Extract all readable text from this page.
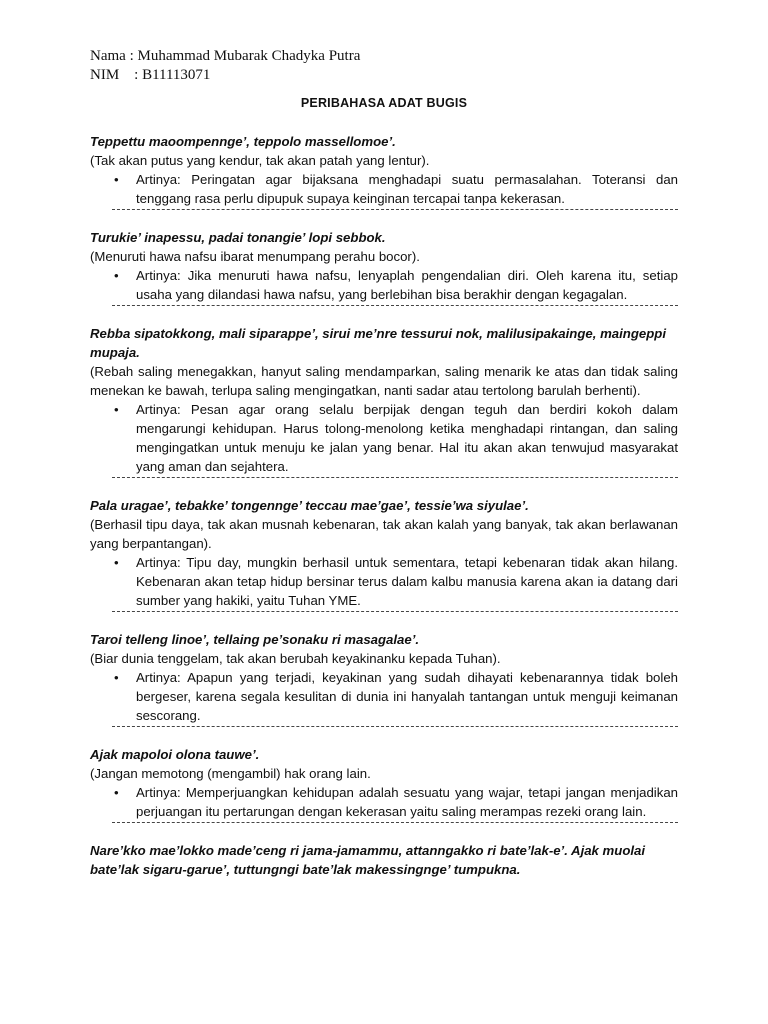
Nama : Muhammad Mubarak Chadyka Putra
NIM    : B11113071
PERIBAHASA ADAT BUGIS
Teppettu maoompennge’, teppolo massellomoe’.
(Tak akan putus yang kendur, tak akan patah yang lentur).
•	Artinya: Peringatan agar bijaksana menghadapi suatu permasalahan. Toteransi dan tenggang rasa perlu dipupuk supaya keinginan tercapai tanpa kekerasan.
Turukie’ inapessu, padai tonangie’ lopi sebbok.
(Menuruti hawa nafsu ibarat menumpang perahu bocor).
•	Artinya: Jika menuruti hawa nafsu, lenyaplah pengendalian diri. Oleh karena itu, setiap usaha yang dilandasi hawa nafsu, yang berlebihan bisa berakhir dengan kegagalan.
Rebba sipatokkong, mali siparappe’, sirui me’nre tessurui nok, malilusipakainge, maingeppi mupaja.
(Rebah saling menegakkan, hanyut saling mendamparkan, saling menarik ke atas dan tidak saling menekan ke bawah, terlupa saling mengingatkan, nanti sadar atau tertolong barulah berhenti).
•	Artinya: Pesan agar orang selalu berpijak dengan teguh dan berdiri kokoh dalam mengarungi kehidupan. Harus tolong-menolong ketika menghadapi rintangan, dan saling mengingatkan untuk menuju ke jalan yang benar. Hal itu akan akan tenwujud masyarakat yang aman dan sejahtera.
Pala uragae’, tebakke’ tongennge’ teccau mae’gae’, tessie’wa siyulae’.
(Berhasil tipu daya, tak akan musnah kebenaran, tak akan kalah yang banyak, tak akan berlawanan yang berpantangan).
•	Artinya: Tipu day, mungkin berhasil untuk sementara, tetapi kebenaran tidak akan hilang. Kebenaran akan tetap hidup bersinar terus dalam kalbu manusia karena akan ia datang dari sumber yang hakiki, yaitu Tuhan YME.
Taroi telleng linoe’, tellaing pe’sonaku ri masagalae’.
(Biar dunia tenggelam, tak akan berubah keyakinanku kepada Tuhan).
•	Artinya: Apapun yang terjadi, keyakinan yang sudah dihayati kebenarannya tidak boleh bergeser, karena segala kesulitan di dunia ini hanyalah tantangan untuk menguji keimanan sescorang.
Ajak mapoloi olona tauwe’.
(Jangan memotong (mengambil) hak orang lain.
•	Artinya: Memperjuangkan kehidupan adalah sesuatu yang wajar, tetapi jangan menjadikan perjuangan itu pertarungan dengan kekerasan yaitu saling merampas rezeki orang lain.
Nare’kko mae’lokko made’ceng ri jama-jamammu, attanngakko ri bate’lak-e’. Ajak muolai bate’lak sigaru-garue’, tuttungngi bate’lak makessingnge’ tumpukna.
